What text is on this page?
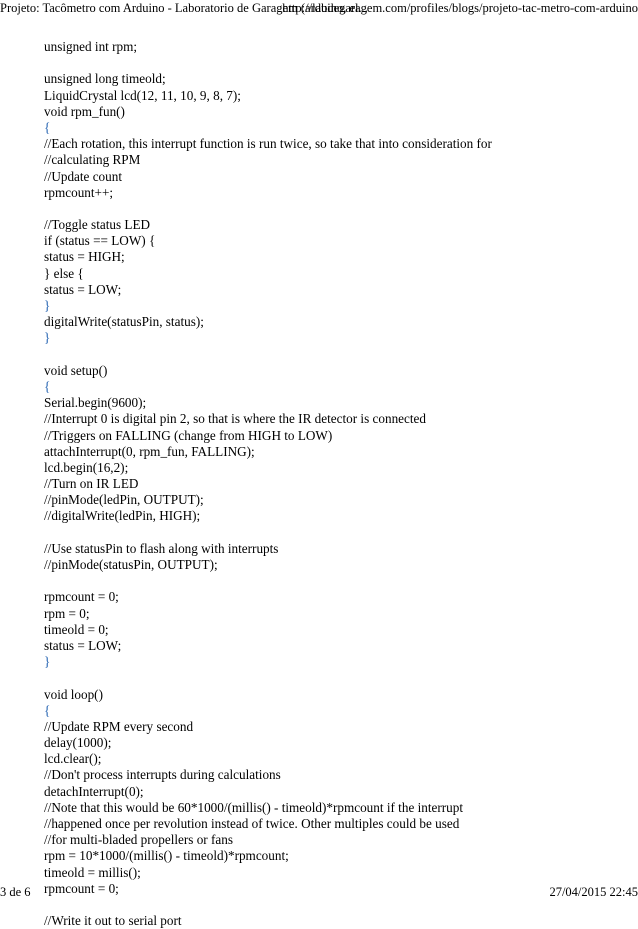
Projeto: Tacômetro com Arduino - Laboratorio de Garagem (arduino, el...
http://labdegaragem.com/profiles/blogs/projeto-tac-metro-com-arduino
unsigned int rpm;
unsigned long timeold;
LiquidCrystal lcd(12, 11, 10, 9, 8, 7);
void rpm_fun()
{
//Each rotation, this interrupt function is run twice, so take that into consideration for
//calculating RPM
//Update count
rpmcount++;
//Toggle status LED
if (status == LOW) {
status = HIGH;
} else {
status = LOW;
}
digitalWrite(statusPin, status);
}
void setup()
{
Serial.begin(9600);
//Interrupt 0 is digital pin 2, so that is where the IR detector is connected
//Triggers on FALLING (change from HIGH to LOW)
attachInterrupt(0, rpm_fun, FALLING);
lcd.begin(16,2);
//Turn on IR LED
//pinMode(ledPin, OUTPUT);
//digitalWrite(ledPin, HIGH);
//Use statusPin to flash along with interrupts
//pinMode(statusPin, OUTPUT);
rpmcount = 0;
rpm = 0;
timeold = 0;
status = LOW;
}
void loop()
{
//Update RPM every second
delay(1000);
lcd.clear();
//Don't process interrupts during calculations
detachInterrupt(0);
//Note that this would be 60*1000/(millis() - timeold)*rpmcount if the interrupt
//happened once per revolution instead of twice. Other multiples could be used
//for multi-bladed propellers or fans
rpm = 10*1000/(millis() - timeold)*rpmcount;
timeold = millis();
rpmcount = 0;
//Write it out to serial port
3 de 6	27/04/2015 22:45
